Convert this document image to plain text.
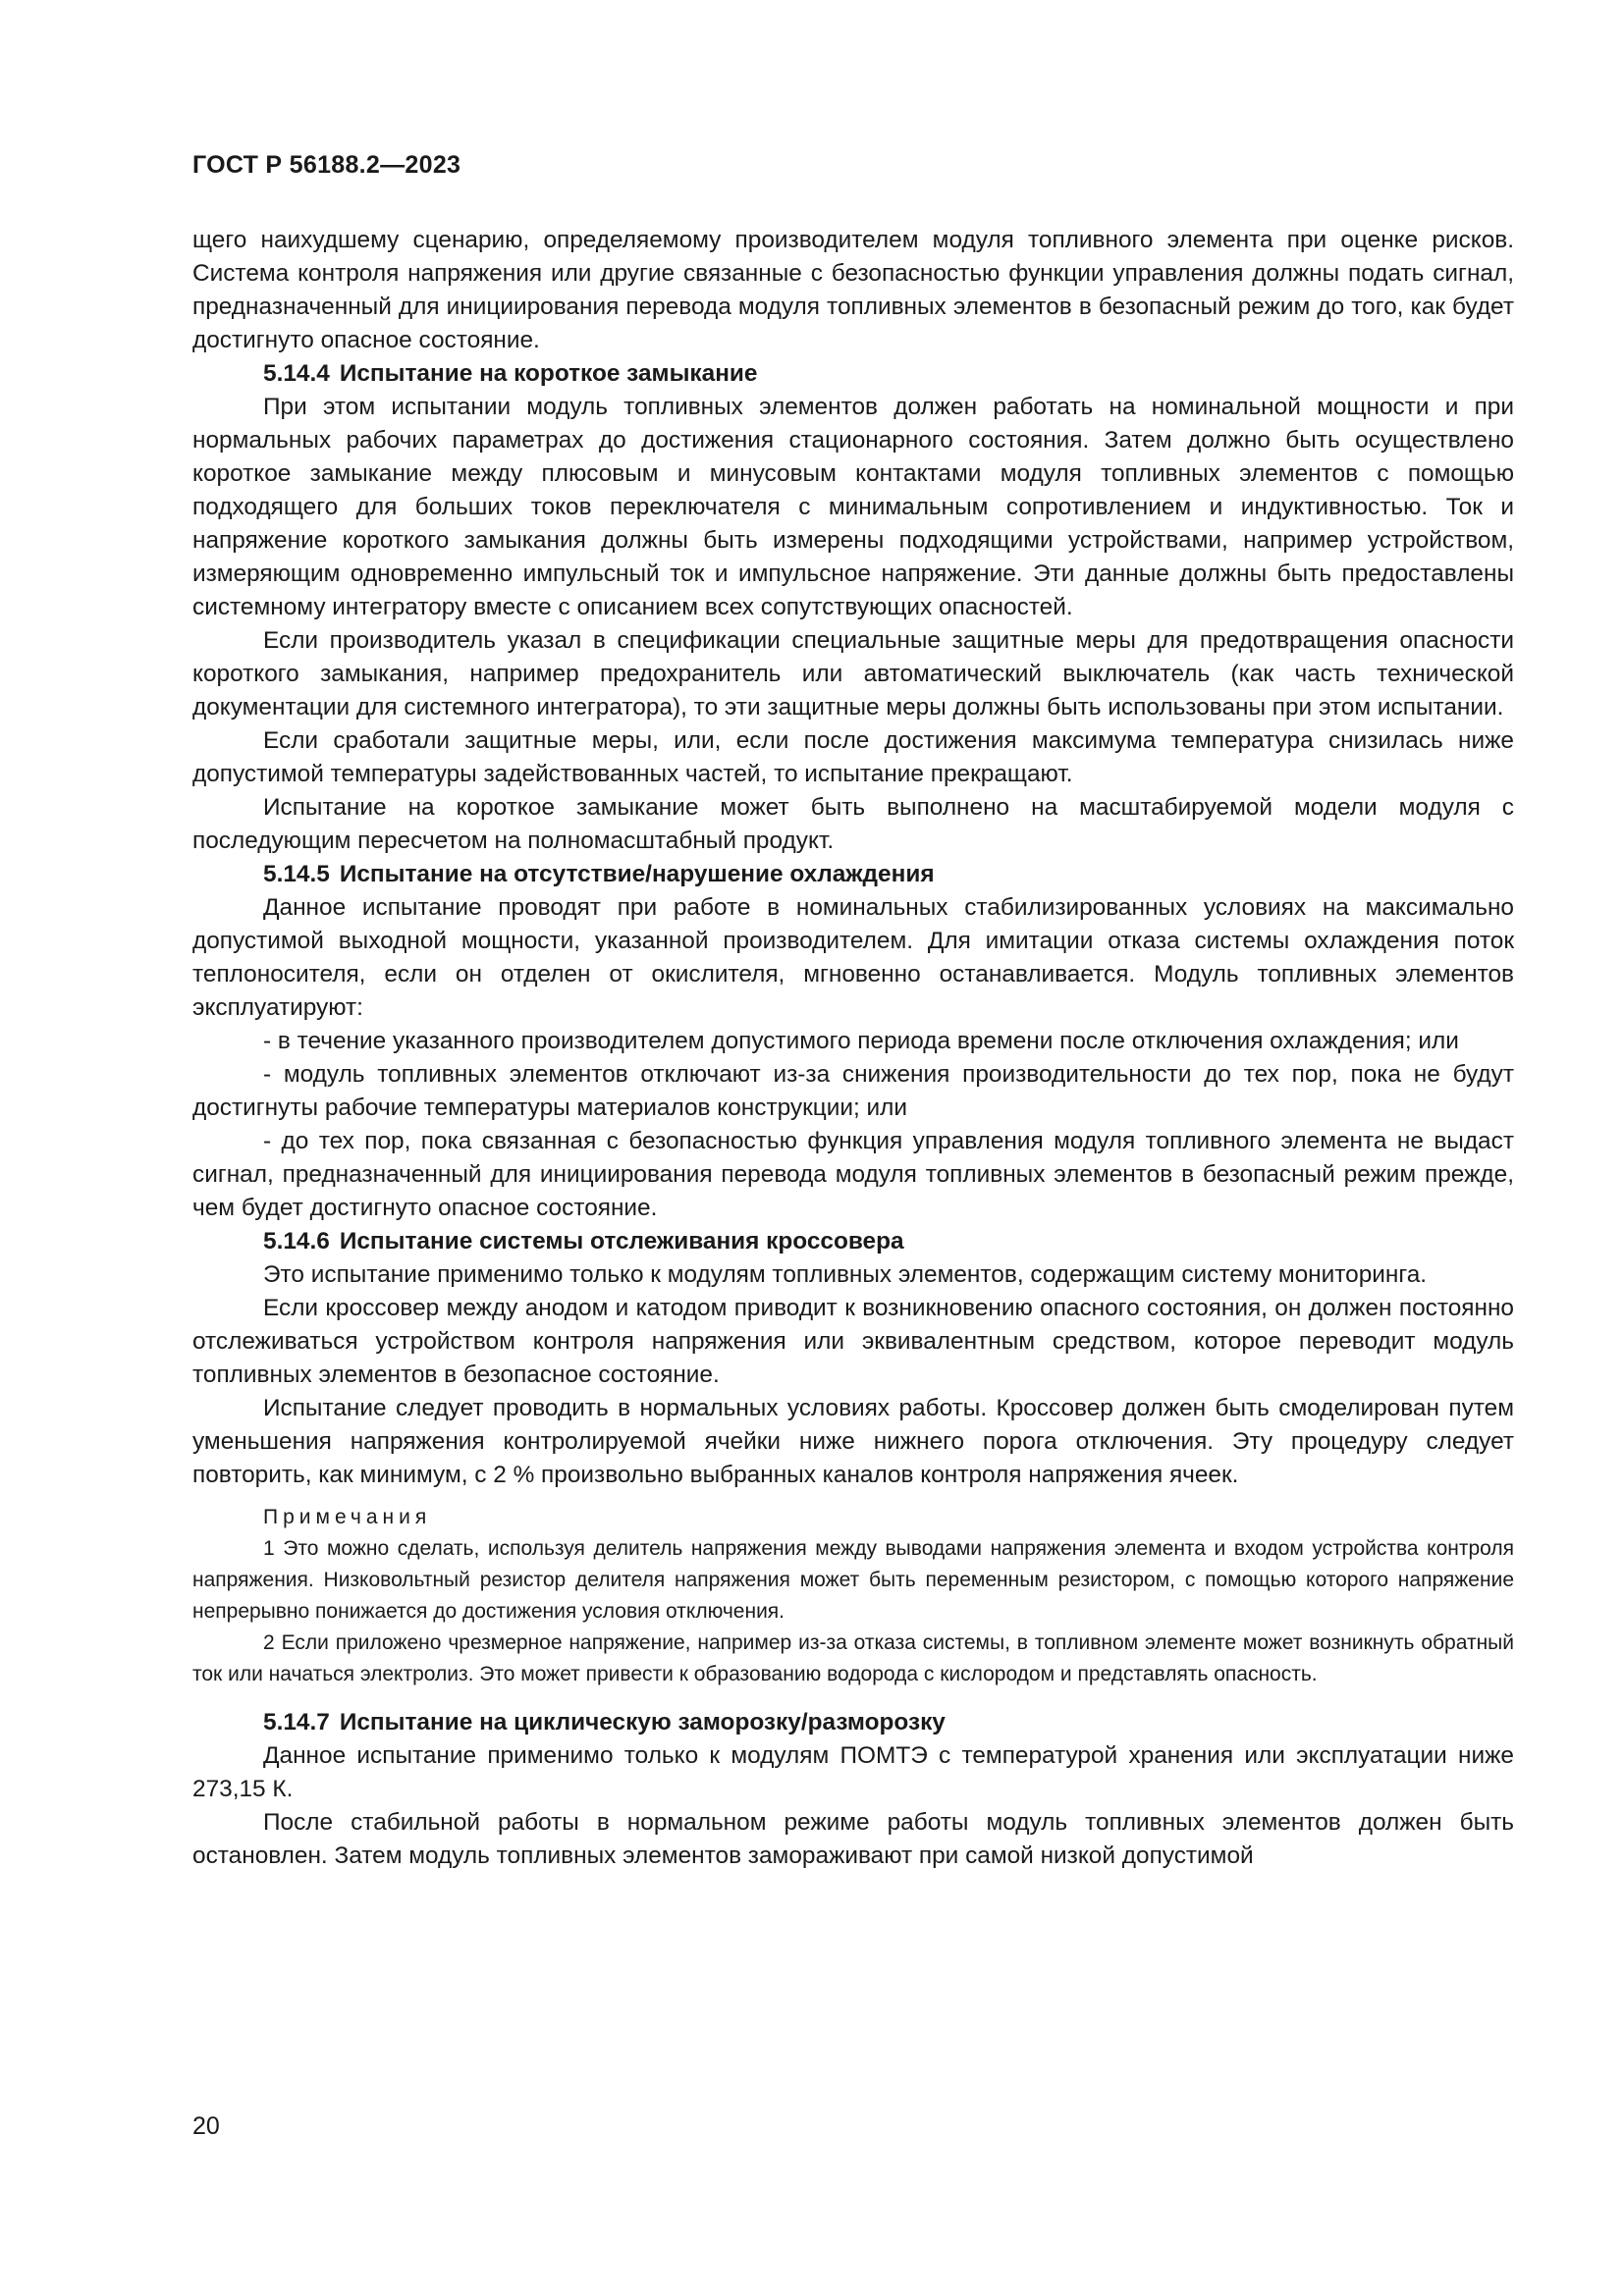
ГОСТ Р 56188.2—2023

щего наихудшему сценарию, определяемому производителем модуля топливного элемента при оценке рисков. Система контроля напряжения или другие связанные с безопасностью функции управления должны подать сигнал, предназначенный для инициирования перевода модуля топливных элементов в безопасный режим до того, как будет достигнуто опасное состояние.

5.14.4 Испытание на короткое замыкание

При этом испытании модуль топливных элементов должен работать на номинальной мощности и при нормальных рабочих параметрах до достижения стационарного состояния. Затем должно быть осуществлено короткое замыкание между плюсовым и минусовым контактами модуля топливных элементов с помощью подходящего для больших токов переключателя с минимальным сопротивлением и индуктивностью. Ток и напряжение короткого замыкания должны быть измерены подходящими устройствами, например устройством, измеряющим одновременно импульсный ток и импульсное напряжение. Эти данные должны быть предоставлены системному интегратору вместе с описанием всех сопутствующих опасностей.

Если производитель указал в спецификации специальные защитные меры для предотвращения опасности короткого замыкания, например предохранитель или автоматический выключатель (как часть технической документации для системного интегратора), то эти защитные меры должны быть использованы при этом испытании.

Если сработали защитные меры, или, если после достижения максимума температура снизилась ниже допустимой температуры задействованных частей, то испытание прекращают.

Испытание на короткое замыкание может быть выполнено на масштабируемой модели модуля с последующим пересчетом на полномасштабный продукт.

5.14.5 Испытание на отсутствие/нарушение охлаждения

Данное испытание проводят при работе в номинальных стабилизированных условиях на максимально допустимой выходной мощности, указанной производителем. Для имитации отказа системы охлаждения поток теплоносителя, если он отделен от окислителя, мгновенно останавливается. Модуль топливных элементов эксплуатируют:

- в течение указанного производителем допустимого периода времени после отключения охлаждения; или

- модуль топливных элементов отключают из-за снижения производительности до тех пор, пока не будут достигнуты рабочие температуры материалов конструкции; или

- до тех пор, пока связанная с безопасностью функция управления модуля топливного элемента не выдаст сигнал, предназначенный для инициирования перевода модуля топливных элементов в безопасный режим прежде, чем будет достигнуто опасное состояние.

5.14.6 Испытание системы отслеживания кроссовера

Это испытание применимо только к модулям топливных элементов, содержащим систему мониторинга.

Если кроссовер между анодом и катодом приводит к возникновению опасного состояния, он должен постоянно отслеживаться устройством контроля напряжения или эквивалентным средством, которое переводит модуль топливных элементов в безопасное состояние.

Испытание следует проводить в нормальных условиях работы. Кроссовер должен быть смоделирован путем уменьшения напряжения контролируемой ячейки ниже нижнего порога отключения. Эту процедуру следует повторить, как минимум, с 2 % произвольно выбранных каналов контроля напряжения ячеек.

Примечания

1 Это можно сделать, используя делитель напряжения между выводами напряжения элемента и входом устройства контроля напряжения. Низковольтный резистор делителя напряжения может быть переменным резистором, с помощью которого напряжение непрерывно понижается до достижения условия отключения.

2 Если приложено чрезмерное напряжение, например из-за отказа системы, в топливном элементе может возникнуть обратный ток или начаться электролиз. Это может привести к образованию водорода с кислородом и представлять опасность.

5.14.7 Испытание на циклическую заморозку/разморозку

Данное испытание применимо только к модулям ПОМТЭ с температурой хранения или эксплуатации ниже 273,15 К.

После стабильной работы в нормальном режиме работы модуль топливных элементов должен быть остановлен. Затем модуль топливных элементов замораживают при самой низкой допустимой

20
